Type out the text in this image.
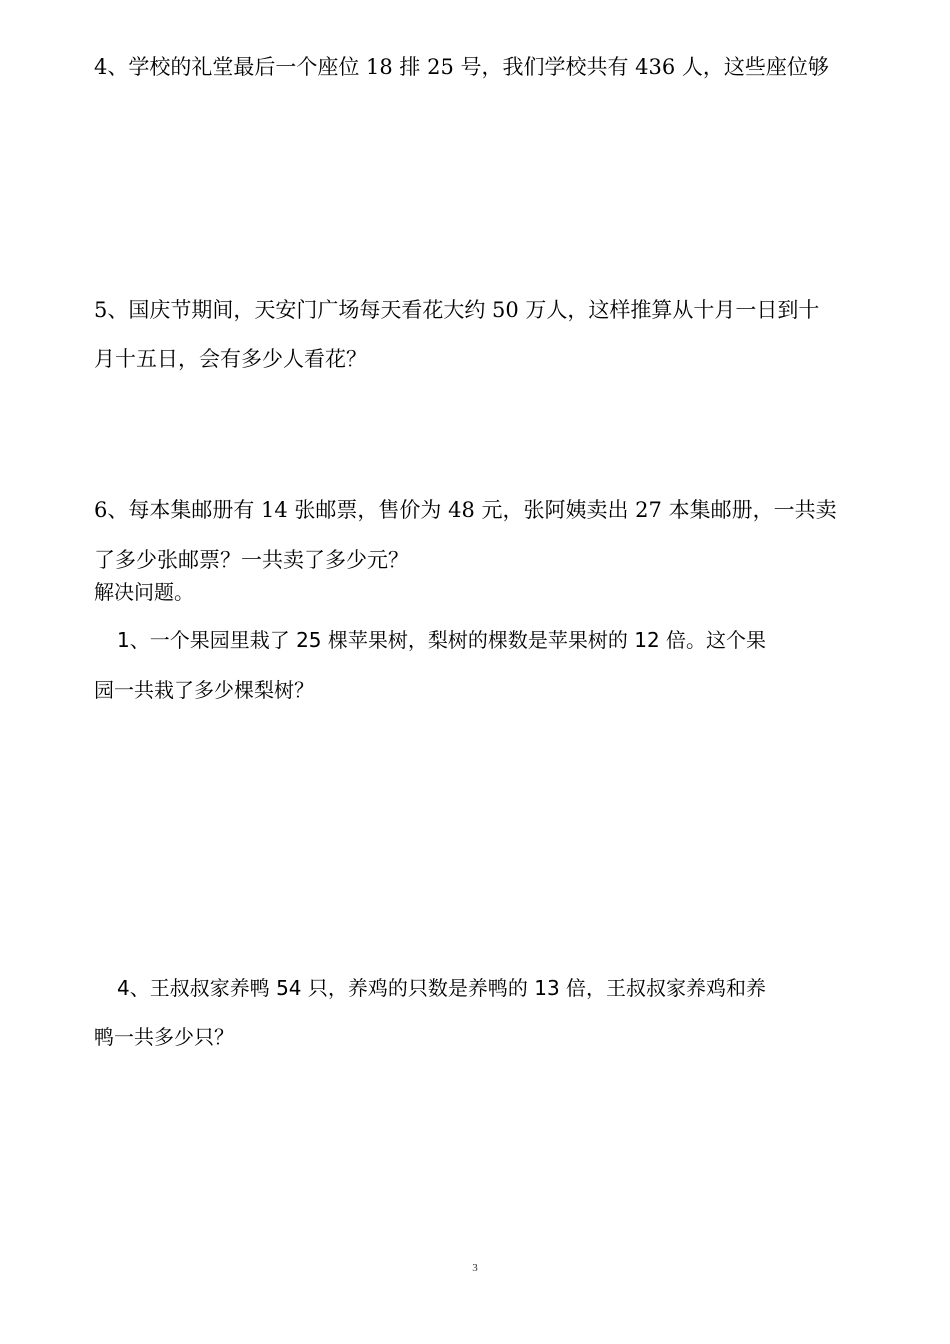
4、学校的礼堂最后一个座位 18 排 25 号，我们学校共有 436 人，这些座位够
5、国庆节期间，天安门广场每天看花大约 50 万人，这样推算从十月一日到十
月十五日，会有多少人看花？
6、每本集邮册有 14 张邮票，售价为 48 元，张阿姨卖出 27 本集邮册，一共卖
了多少张邮票？一共卖了多少元？
解决问题。
1、一个果园里栽了 25 棵苹果树，梨树的棵数是苹果树的 12 倍。这个果
园一共栽了多少棵梨树？
4、王叔叔家养鸭 54 只，养鸡的只数是养鸭的 13 倍，王叔叔家养鸡和养
鸭一共多少只？
3
